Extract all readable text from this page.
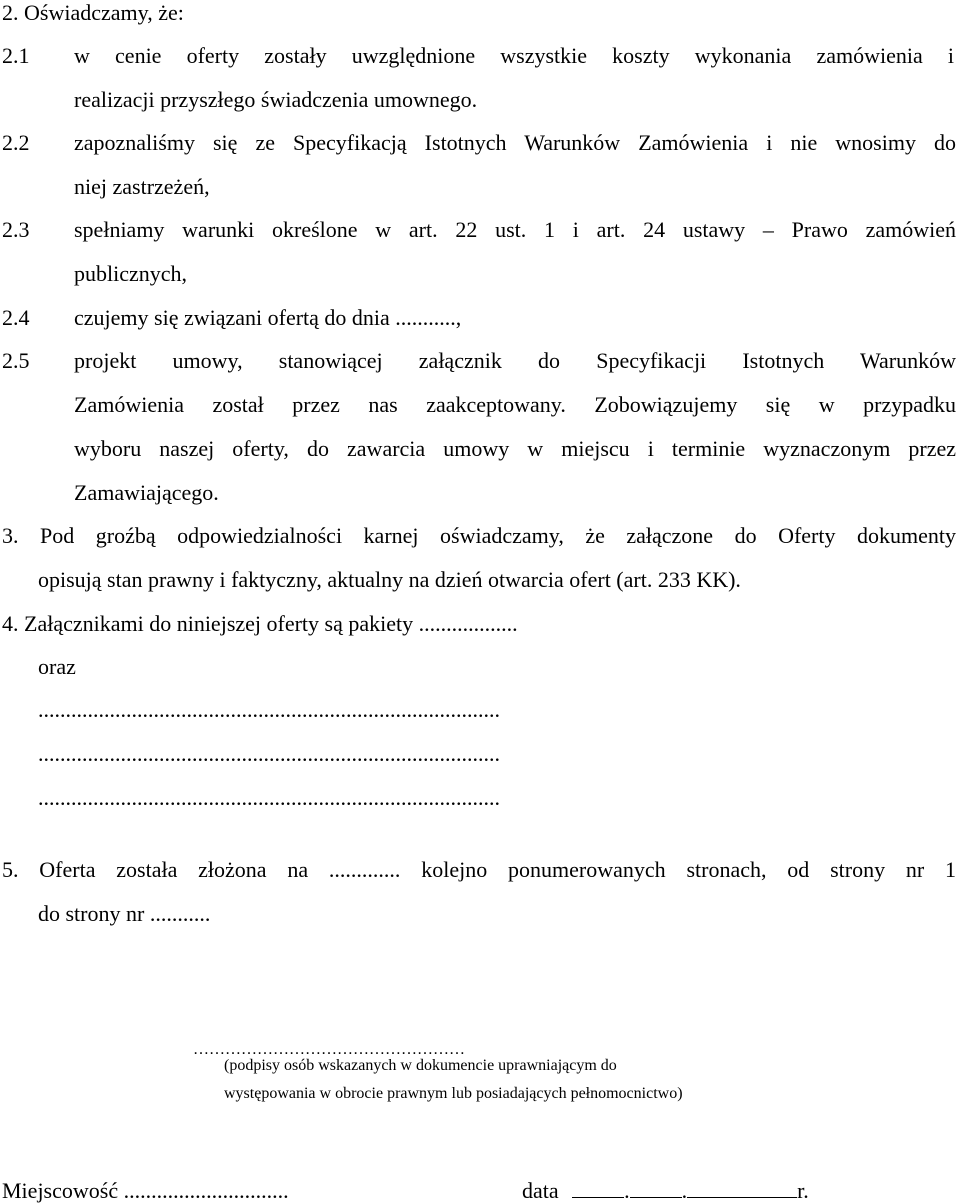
2. Oświadczamy, że:
2.1 w cenie oferty zostały uwzględnione wszystkie koszty wykonania zamówienia i
realizacji przyszłego świadczenia umownego.
2.2 zapoznaliśmy się ze Specyfikacją Istotnych Warunków Zamówienia i nie wnosimy do
niej zastrzeżeń,
2.3 spełniamy warunki określone w art. 22 ust. 1 i art. 24 ustawy – Prawo zamówień
publicznych,
2.4 czujemy się związani ofertą do dnia ...........,
2.5 projekt umowy, stanowiącej załącznik do Specyfikacji Istotnych Warunków
Zamówienia został przez nas zaakceptowany. Zobowiązujemy się w przypadku
wyboru naszej oferty, do zawarcia umowy w miejscu i terminie wyznaczonym przez
Zamawiającego.
3. Pod groźbą odpowiedzialności karnej oświadczamy, że załączone do Oferty dokumenty
opisują stan prawny i faktyczny, aktualny na dzień otwarcia ofert (art. 233 KK).
4. Załącznikami do niniejszej oferty są pakiety ..................
oraz
....................................................................................
....................................................................................
....................................................................................
5. Oferta została złożona na ............. kolejno ponumerowanych stronach, od strony nr 1
do strony nr ...........
……………………………………………
(podpisy osób wskazanych w dokumencie uprawniającym do
występowania w obrocie prawnym lub posiadających pełnomocnictwo)
Miejscowość ..............................	data	. .	r.
